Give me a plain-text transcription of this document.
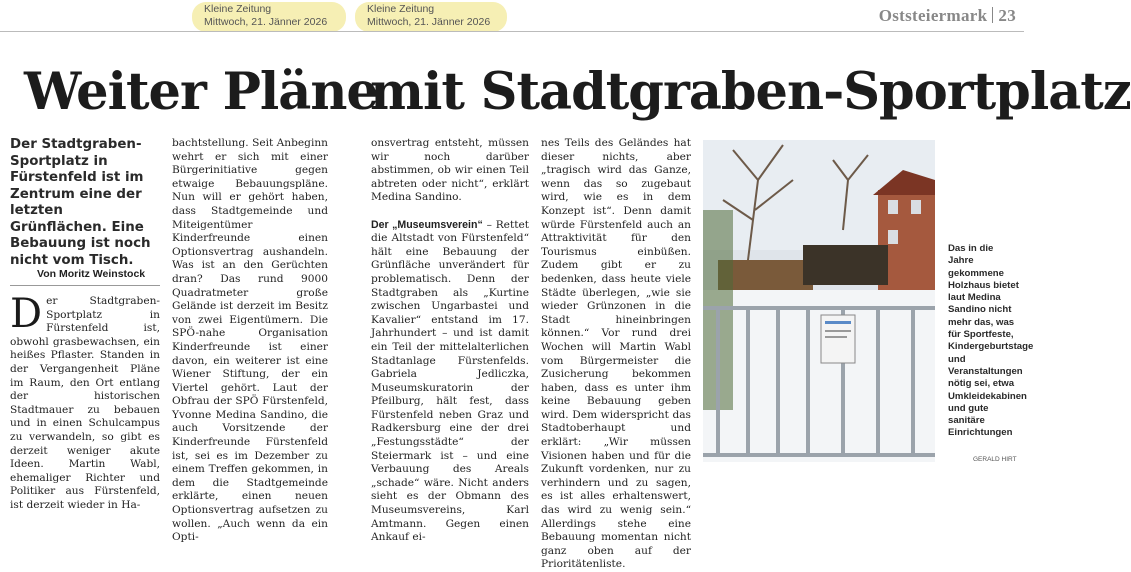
Kleine Zeitung
Mittwoch, 21. Jänner 2026
Kleine Zeitung
Mittwoch, 21. Jänner 2026	Oststeiermark 23
Weiter Pläne
mit Stadtgraben-Sportplatz
Der Stadtgraben-Sportplatz in Fürstenfeld ist im Zentrum eine der letzten Grünflächen. Eine Bebauung ist noch nicht vom Tisch.
Von Moritz Weinstock
Der Stadtgraben-Sportplatz in Fürstenfeld ist, obwohl grasbewachsen, ein heißes Pflaster. Standen in der Vergangenheit Pläne im Raum, den Ort entlang der historischen Stadtmauer zu bebauen und in einen Schulcampus zu verwandeln, so gibt es derzeit weniger akute Ideen. Martin Wabl, ehemaliger Richter und Politiker aus Fürstenfeld, ist derzeit wieder in Ha-
bachtstellung. Seit Anbeginn wehrt er sich mit einer Bürgerinitiative gegen etwaige Bebauungspläne. Nun will er gehört haben, dass Stadtgemeinde und Miteigentümer Kinderfreunde einen Optionsvertrag aushandeln. Was ist an den Gerüchten dran? Das rund 9000 Quadratmeter große Gelände ist derzeit im Besitz von zwei Eigentümern. Die SPÖ-nahe Organisation Kinderfreunde ist einer davon, ein weiterer ist eine Wiener Stiftung, der ein Viertel gehört. Laut der Obfrau der SPÖ Fürstenfeld, Yvonne Medina Sandino, die auch Vorsitzende der Kinderfreunde Fürstenfeld ist, sei es im Dezember zu einem Treffen gekommen, in dem die Stadtgemeinde erklärte, einen neuen Optionsvertrag aufsetzen zu wollen. „Auch wenn da ein Opti-
onsvertrag entsteht, müssen wir noch darüber abstimmen, ob wir einen Teil abtreten oder nicht“, erklärt Medina Sandino.

Der „Museumsverein“ – Rettet die Altstadt von Fürstenfeld“ hält eine Bebauung der Grünfläche unverändert für problematisch. Denn der Stadtgraben als „Kurtine zwischen Ungarbastei und Kavalier“ entstand im 17. Jahrhundert – und ist damit ein Teil der mittelalterlichen Stadtanlage Fürstenfelds. Gabriela Jedliczka, Museumskuratorin der Pfeilburg, hält fest, dass Fürstenfeld neben Graz und Radkersburg eine der drei „Festungsstädte“ der Steiermark ist – und eine Verbauung des Areals „schade“ wäre. Nicht anders sieht es der Obmann des Museumsvereins, Karl Amtmann. Gegen einen Ankauf ei-
nes Teils des Geländes hat dieser nichts, aber „tragisch wird das Ganze, wenn das so zugebaut wird, wie es in dem Konzept ist“. Denn damit würde Fürstenfeld auch an Attraktivität für den Tourismus einbüßen. Zudem gibt er zu bedenken, dass heute viele Städte überlegen, „wie sie wieder Grünzonen in die Stadt hineinbringen können.“ Vor rund drei Wochen will Martin Wabl vom Bürgermeister die Zusicherung bekommen haben, dass es unter ihm keine Bebauung geben wird. Dem widerspricht das Stadtoberhaupt und erklärt: „Wir müssen Visionen haben und für die Zukunft vordenken, nur zu verhindern und zu sagen, es ist alles erhaltenswert, das wird zu wenig sein.“ Allerdings stehe eine Bebauung momentan nicht ganz oben auf der Prioritätenliste.
GERALD HIRT
Das in die Jahre gekommene Holzhaus bietet laut Medina Sandino nicht mehr das, was für Sportfeste, Kindergeburtstage und Veranstaltungen nötig sei, etwa Umkleidekabinen und gute sanitäre Einrichtungen
